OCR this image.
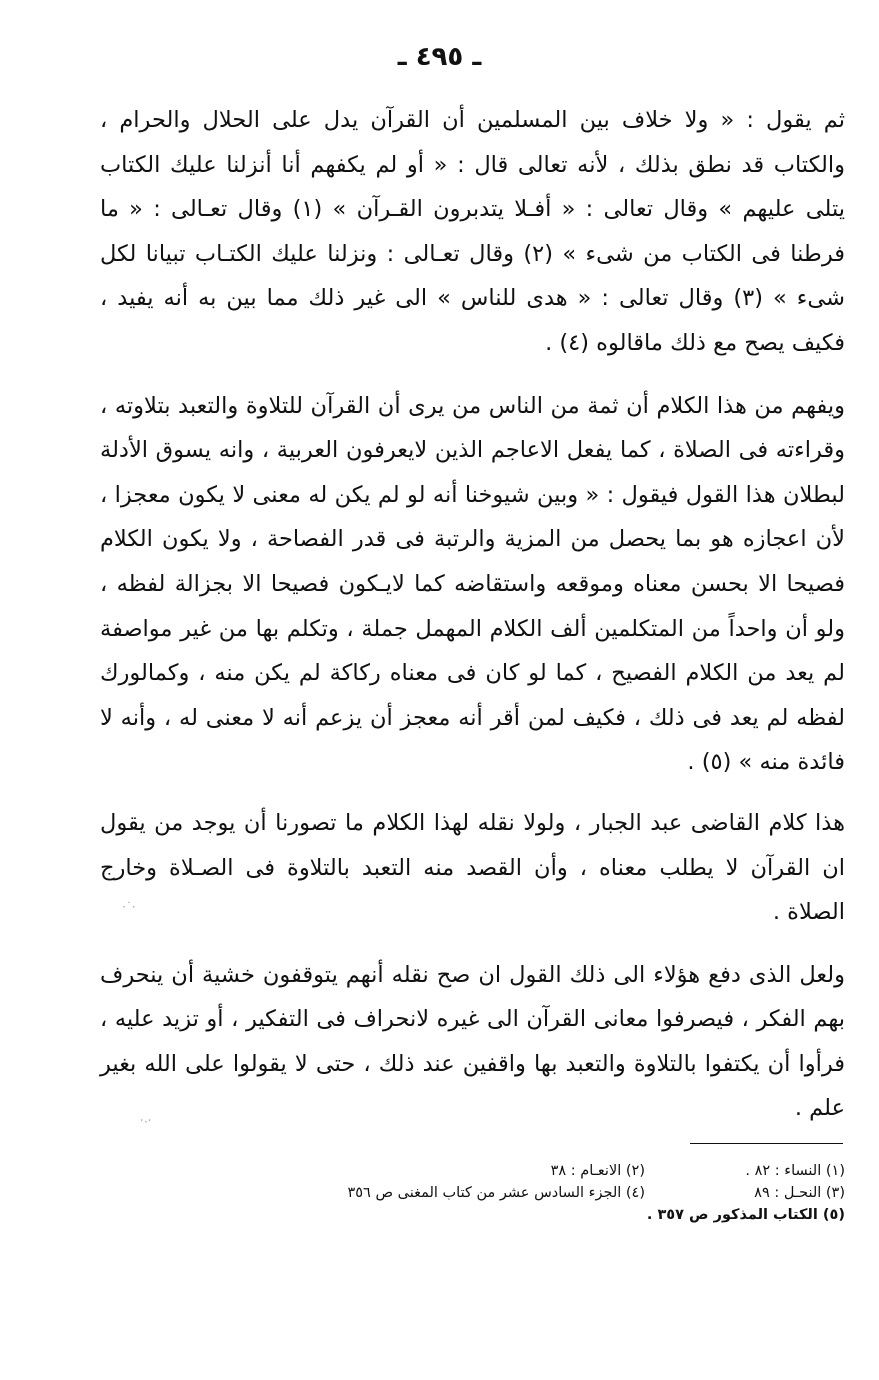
ـ ٤٩٥ ـ

ثم يقول : « ولا خلاف بين المسلمين أن القرآن يدل على الحلال والحرام ، والكتاب قد نطق بذلك ، لأنه تعالى قال : « أو لم يكفهم أنا أنزلنا عليك الكتاب يتلى عليهم » وقال تعالى : « أفـلا يتدبرون القـرآن » (١) وقال تعـالى : « ما فرطنا فى الكتاب من شىء » (٢) وقال تعـالى : ونزلنا عليك الكتـاب تبيانا لكل شىء » (٣) وقال تعالى : « هدى للناس » الى غير ذلك مما بين به أنه يفيد ، فكيف يصح مع ذلك ماقالوه (٤) .

ويفهم من هذا الكلام أن ثمة من الناس من يرى أن القرآن للتلاوة والتعبد بتلاوته ، وقراءته فى الصلاة ، كما يفعل الاعاجم الذين لايعرفون العربية ، وانه يسوق الأدلة لبطلان هذا القول فيقول : « وبين شيوخنا أنه لو لم يكن له معنى لا يكون معجزا ، لأن اعجازه هو بما يحصل من المزية والرتبة فى قدر الفصاحة ، ولا يكون الكلام فصيحا الا بحسن معناه وموقعه واستقاضه كما لايـكون فصيحا الا بجزالة لفظه ، ولو أن واحداً من المتكلمين ألف الكلام المهمل جملة ، وتكلم بها من غير مواصفة لم يعد من الكلام الفصيح ، كما لو كان فى معناه ركاكة لم يكن منه ، وكمالورك لفظه لم يعد فى ذلك ، فكيف لمن أقر أنه معجز أن يزعم أنه لا معنى له ، وأنه لا فائدة منه » (٥) .

هذا كلام القاضى عبد الجبار ، ولولا نقله لهذا الكلام ما تصورنا أن يوجد من يقول ان القرآن لا يطلب معناه ، وأن القصد منه التعبد بالتلاوة فى الصـلاة وخارج الصلاة .

ولعل الذى دفع هؤلاء الى ذلك القول ان صح نقله أنهم يتوقفون خشية أن ينحرف بهم الفكر ، فيصرفوا معانى القرآن الى غيره لانحراف فى التفكير ، أو تزيد عليه ، فرأوا أن يكتفوا بالتلاوة والتعبد بها واقفين عند ذلك ، حتى لا يقولوا على الله بغير علم .

(١) النساء : ٨٢ .
(٢) الانعـام : ٣٨
(٣) النحـل : ٨٩
(٤) الجزء السادس عشر من كتاب المغنى ص ٣٥٦
(٥) الكتاب المذكور ص ٣٥٧ .
·˙·
ˑ·ˑ
